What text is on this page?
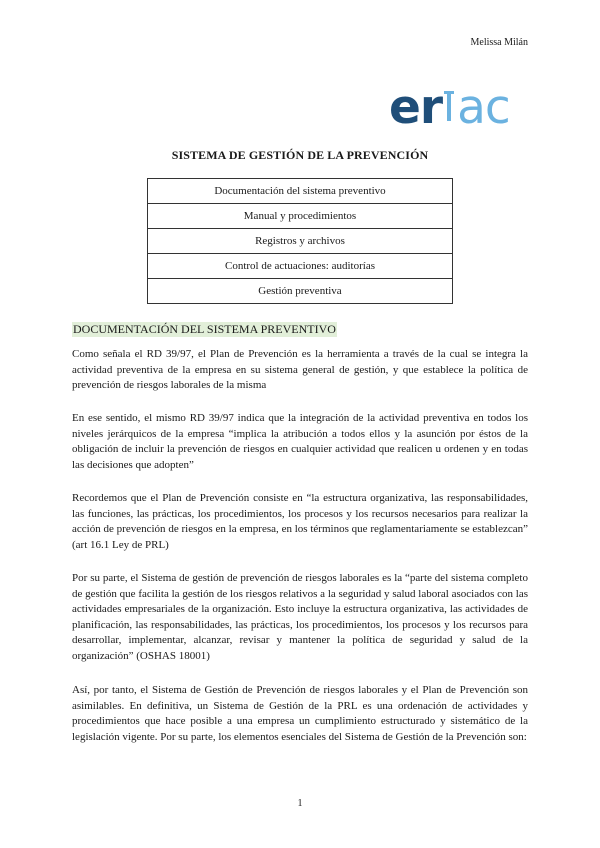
Melissa Milán
er ac
SISTEMA DE GESTIÓN DE LA PREVENCIÓN
Documentación del sistema preventivo
Manual y procedimientos
Registros y archivos
Control de actuaciones: auditorías
Gestión preventiva
DOCUMENTACIÓN DEL SISTEMA PREVENTIVO

Como señala el RD 39/97, el Plan de Prevención es la herramienta a través de la cual se integra la actividad preventiva de la empresa en su sistema general de gestión, y que establece la política de prevención de riesgos laborales de la misma

En ese sentido, el mismo RD 39/97 indica que la integración de la actividad preventiva en todos los niveles jerárquicos de la empresa “implica la atribución a todos ellos y la asunción por éstos de la obligación de incluir la prevención de riesgos en cualquier actividad que realicen u ordenen y en todas las decisiones que adopten”

Recordemos que el Plan de Prevención consiste en “la estructura organizativa, las responsabilidades, las funciones, las prácticas, los procedimientos, los procesos y los recursos necesarios para realizar la acción de prevención de riesgos en la empresa, en los términos que reglamentariamente se establezcan” (art 16.1 Ley de PRL)

Por su parte, el Sistema de gestión de prevención de riesgos laborales es la “parte del sistema completo de gestión que facilita la gestión de los riesgos relativos a la seguridad y salud laboral asociados con las actividades empresariales de la organización. Esto incluye la estructura organizativa, las actividades de planificación, las responsabilidades, las prácticas, los procedimientos, los procesos y los recursos para desarrollar, implementar, alcanzar, revisar y mantener la política de seguridad y salud de la organización” (OSHAS 18001)

Así, por tanto, el Sistema de Gestión de Prevención de riesgos laborales y el Plan de Prevención son asimilables. En definitiva, un Sistema de Gestión de la PRL es una ordenación de actividades y procedimientos que hace posible a una empresa un cumplimiento estructurado y sistemático de la legislación vigente. Por su parte, los elementos esenciales del Sistema de Gestión de la Prevención son:

1
